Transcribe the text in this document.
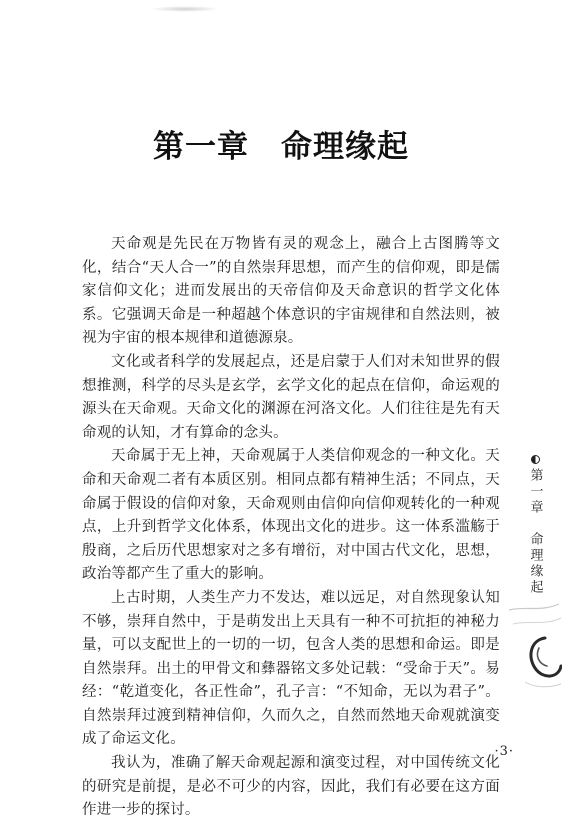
第一章　命理缘起

天命观是先民在万物皆有灵的观念上，融合上古图腾等文化，结合“天人合一”的自然崇拜思想，而产生的信仰观，即是儒家信仰文化；进而发展出的天帝信仰及天命意识的哲学文化体系。它强调天命是一种超越个体意识的宇宙规律和自然法则，被视为宇宙的根本规律和道德源泉。

文化或者科学的发展起点，还是启蒙于人们对未知世界的假想推测，科学的尽头是玄学，玄学文化的起点在信仰，命运观的源头在天命观。天命文化的渊源在河洛文化。人们往往是先有天命观的认知，才有算命的念头。

天命属于无上神，天命观属于人类信仰观念的一种文化。天命和天命观二者有本质区别。相同点都有精神生活；不同点，天命属于假设的信仰对象，天命观则由信仰向信仰观转化的一种观点，上升到哲学文化体系，体现出文化的进步。这一体系滥觞于殷商，之后历代思想家对之多有增衍，对中国古代文化，思想，政治等都产生了重大的影响。

上古时期，人类生产力不发达，难以远足，对自然现象认知不够，崇拜自然中，于是萌发出上天具有一种不可抗拒的神秘力量，可以支配世上的一切的一切，包含人类的思想和命运。即是自然崇拜。出土的甲骨文和彝器铭文多处记载：“受命于天”。易经：“乾道变化，各正性命”，孔子言：“不知命，无以为君子”。自然崇拜过渡到精神信仰，久而久之，自然而然地天命观就演变成了命运文化。

我认为，准确了解天命观起源和演变过程，对中国传统文化的研究是前提，是必不可少的内容，因此，我们有必要在这方面作进一步的探讨。

第一章　命理缘起
·3·
